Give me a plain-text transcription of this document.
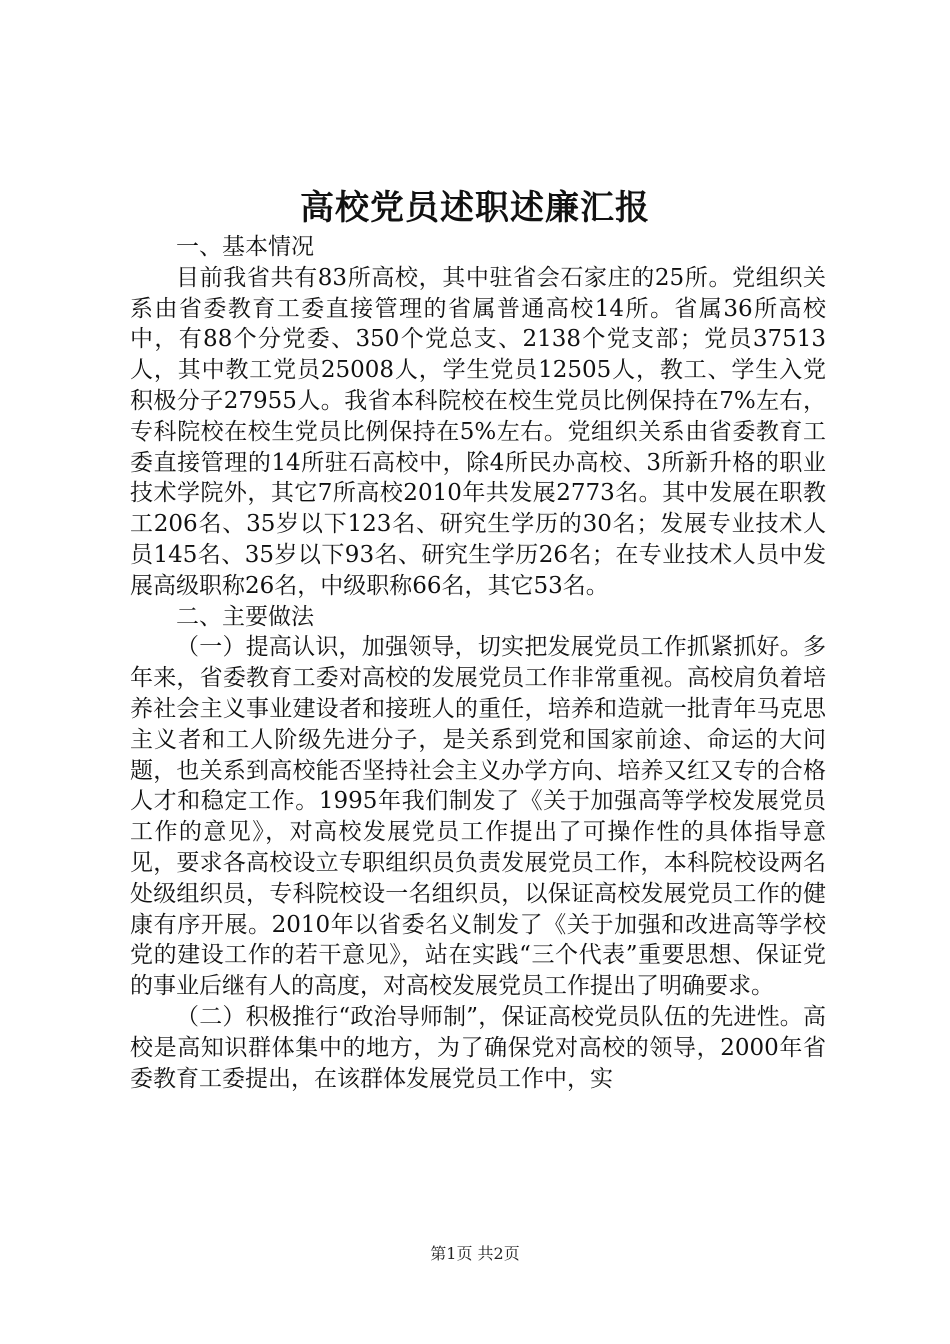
高校党员述职述廉汇报

一、基本情况

目前我省共有83所高校，其中驻省会石家庄的25所。党组织关系由省委教育工委直接管理的省属普通高校14所。省属36所高校中，有88个分党委、350个党总支、2138个党支部；党员37513人，其中教工党员25008人，学生党员12505人，教工、学生入党积极分子27955人。我省本科院校在校生党员比例保持在7%左右，专科院校在校生党员比例保持在5%左右。党组织关系由省委教育工委直接管理的14所驻石高校中，除4所民办高校、3所新升格的职业技术学院外，其它7所高校2010年共发展2773名。其中发展在职教工206名、35岁以下123名、研究生学历的30名；发展专业技术人员145名、35岁以下93名、研究生学历26名；在专业技术人员中发展高级职称26名，中级职称66名，其它53名。

二、主要做法

（一）提高认识，加强领导，切实把发展党员工作抓紧抓好。多年来，省委教育工委对高校的发展党员工作非常重视。高校肩负着培养社会主义事业建设者和接班人的重任，培养和造就一批青年马克思主义者和工人阶级先进分子，是关系到党和国家前途、命运的大问题，也关系到高校能否坚持社会主义办学方向、培养又红又专的合格人才和稳定工作。1995年我们制发了《关于加强高等学校发展党员工作的意见》，对高校发展党员工作提出了可操作性的具体指导意见，要求各高校设立专职组织员负责发展党员工作，本科院校设两名处级组织员，专科院校设一名组织员，以保证高校发展党员工作的健康有序开展。2010年以省委名义制发了《关于加强和改进高等学校党的建设工作的若干意见》，站在实践“三个代表”重要思想、保证党的事业后继有人的高度，对高校发展党员工作提出了明确要求。

（二）积极推行“政治导师制”，保证高校党员队伍的先进性。高校是高知识群体集中的地方，为了确保党对高校的领导，2000年省委教育工委提出，在该群体发展党员工作中，实

第1页 共2页
